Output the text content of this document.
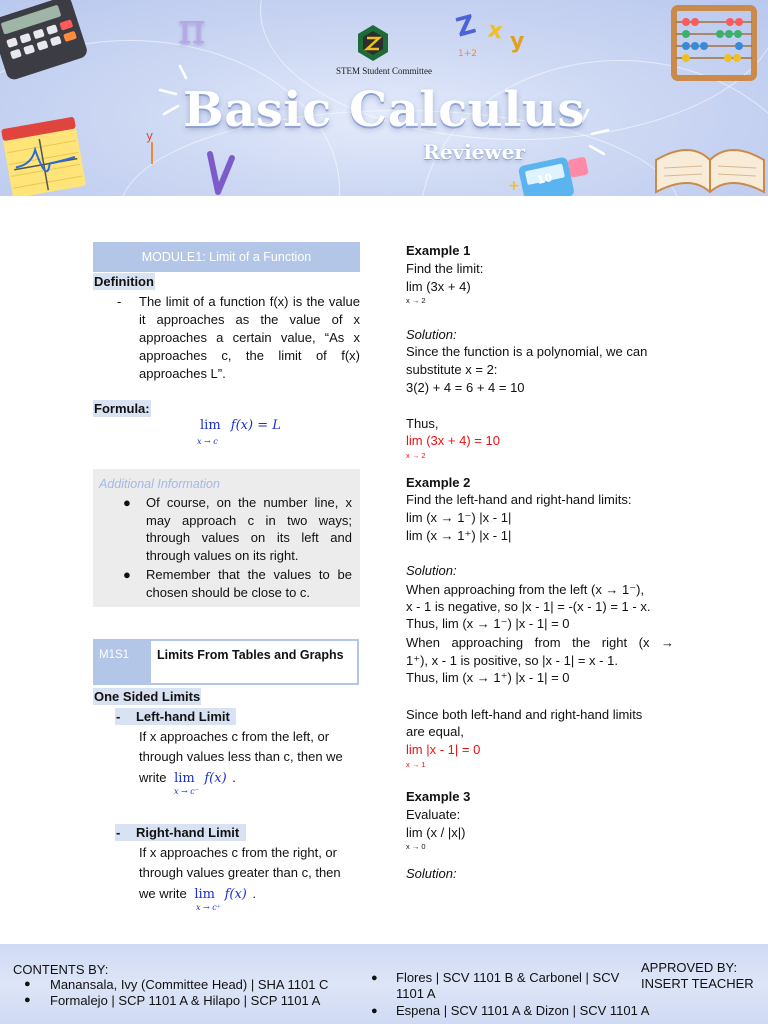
π	Z x y
1+2
10
+
y
STEM Student Committee
Basic Calculus
Reviewer
MODULE1: Limit of a Function
Definition
- The limit of a function f(x) is the value it approaches as the value of x approaches a certain value, “As x approaches c, the limit of f(x) approaches L”.
Formula:
lim f(x) = L
x → c
Additional Information
● Of course, on the number line, x may approach c in two ways; through values on its left and through values on its right.
● Remember that the values to be chosen should be close to c.
M1S1	Limits From Tables and Graphs
One Sided Limits
- Left-hand Limit
If x approaches c from the left, or
through values less than c, then we
write lim f(x) .
x → c⁻
- Right-hand Limit
If x approaches c from the right, or
through values greater than c, then
we write lim f(x) .
x → c⁺
Example 1
Find the limit:
lim (3x + 4)
x → 2
Solution:
Since the function is a polynomial, we can
substitute x = 2:
3(2) + 4 = 6 + 4 = 10
Thus,
lim (3x + 4) = 10
x → 2
Example 2
Find the left-hand and right-hand limits:
lim (x → 1⁻) |x - 1|
lim (x → 1⁺) |x - 1|
Solution:
When approaching from the left (x → 1⁻),
x - 1 is negative, so |x - 1| = -(x - 1) = 1 - x.
Thus, lim (x → 1⁻) |x - 1| = 0
When approaching from the right (x →
1⁺), x - 1 is positive, so |x - 1| = x - 1.
Thus, lim (x → 1⁺) |x - 1| = 0
Since both left-hand and right-hand limits
are equal,
lim |x - 1| = 0
x → 1
Example 3
Evaluate:
lim (x / |x|)
x → 0
Solution:
CONTENTS BY:
● Manansala, Ivy (Committee Head) | SHA 1101 C
● Formalejo | SCP 1101 A & Hilapo | SCP 1101 A
● Flores | SCV 1101 B & Carbonel | SCV 1101 A
● Espena | SCV 1101 A & Dizon | SCV 1101 A
APPROVED BY:
INSERT TEACHER
